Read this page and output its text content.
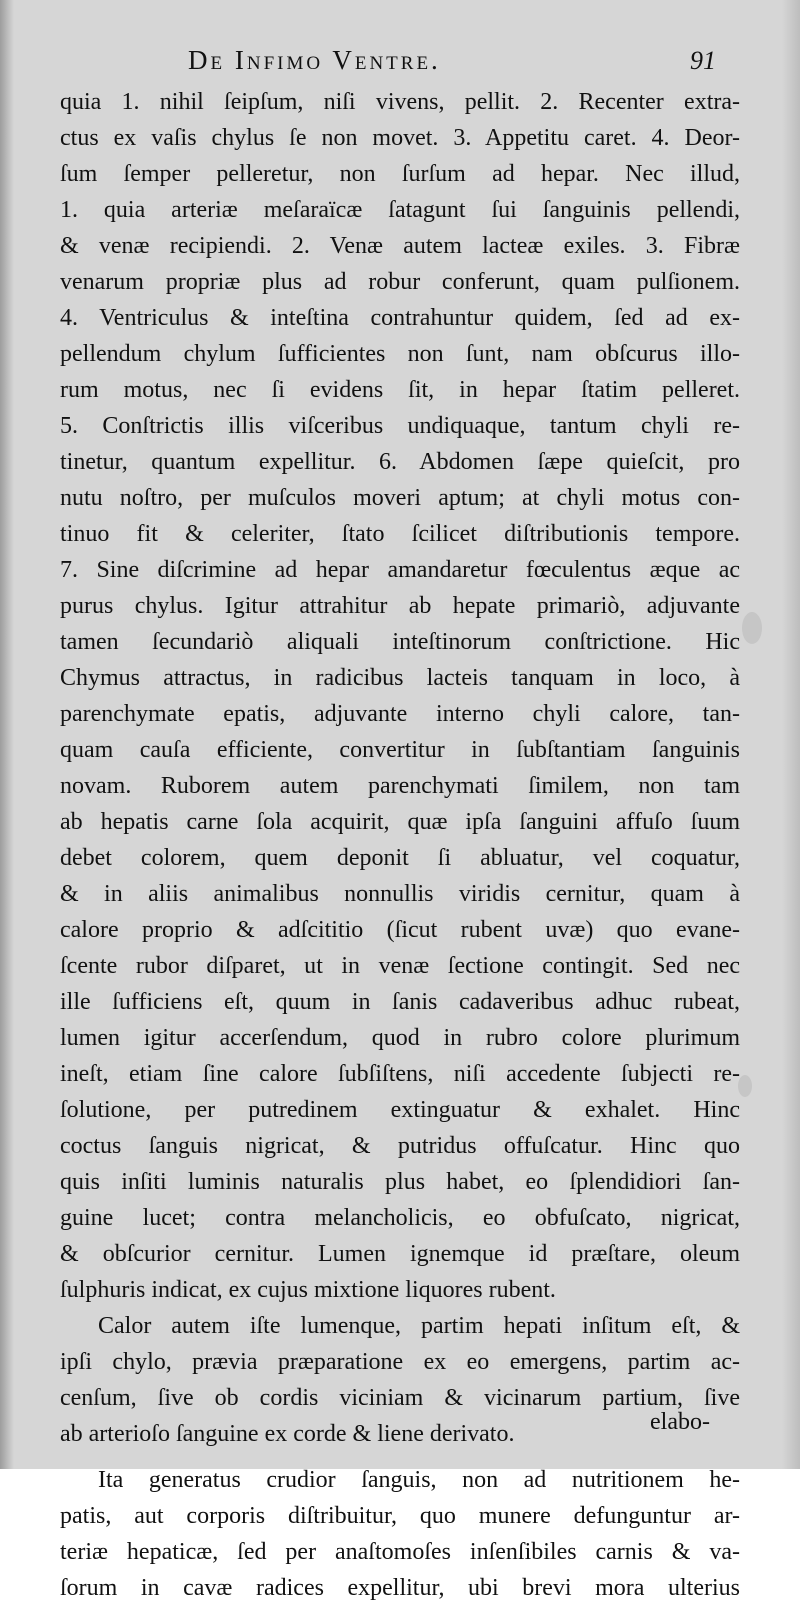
De Infimo Ventre.	91
quia 1. nihil ſeipſum, niſi vivens, pellit. 2. Recenter extra-
ctus ex vaſis chylus ſe non movet. 3. Appetitu caret. 4. Deor-
ſum ſemper pelleretur, non ſurſum ad hepar. Nec illud,
1. quia arteriæ meſaraïcæ ſatagunt ſui ſanguinis pellendi,
& venæ recipiendi. 2. Venæ autem lacteæ exiles. 3. Fibræ
venarum propriæ plus ad robur conferunt, quam pulſionem.
4. Ventriculus & inteſtina contrahuntur quidem, ſed ad ex-
pellendum chylum ſufficientes non ſunt, nam obſcurus illo-
rum motus, nec ſi evidens ſit, in hepar ſtatim pelleret.
5. Conſtrictis illis viſceribus undiquaque, tantum chyli re-
tinetur, quantum expellitur. 6. Abdomen ſæpe quieſcit, pro
nutu noſtro, per muſculos moveri aptum; at chyli motus con-
tinuo fit & celeriter, ſtato ſcilicet diſtributionis tempore.
7. Sine diſcrimine ad hepar amandaretur fœculentus æque ac
purus chylus. Igitur attrahitur ab hepate primariò, adjuvante
tamen ſecundariò aliquali inteſtinorum conſtrictione. Hic
Chymus attractus, in radicibus lacteis tanquam in loco, à
parenchymate epatis, adjuvante interno chyli calore, tan-
quam cauſa efficiente, convertitur in ſubſtantiam ſanguinis
novam. Ruborem autem parenchymati ſimilem, non tam
ab hepatis carne ſola acquirit, quæ ipſa ſanguini affuſo ſuum
debet colorem, quem deponit ſi abluatur, vel coquatur,
& in aliis animalibus nonnullis viridis cernitur, quam à
calore proprio & adſcititio (ſicut rubent uvæ) quo evane-
ſcente rubor diſparet, ut in venæ ſectione contingit. Sed nec
ille ſufficiens eſt, quum in ſanis cadaveribus adhuc rubeat,
lumen igitur accerſendum, quod in rubro colore plurimum
ineſt, etiam ſine calore ſubſiſtens, niſi accedente ſubjecti re-
ſolutione, per putredinem extinguatur & exhalet. Hinc
coctus ſanguis nigricat, & putridus offuſcatur. Hinc quo
quis inſiti luminis naturalis plus habet, eo ſplendidiori ſan-
guine lucet; contra melancholicis, eo obfuſcato, nigricat,
& obſcurior cernitur. Lumen ignemque id præſtare, oleum
ſulphuris indicat, ex cujus mixtione liquores rubent.
Calor autem iſte lumenque, partim hepati inſitum eſt, &
ipſi chylo, prævia præparatione ex eo emergens, partim ac-
cenſum, ſive ob cordis viciniam & vicinarum partium, ſive
ab arterioſo ſanguine ex corde & liene derivato.
Ita generatus crudior ſanguis, non ad nutritionem he-
patis, aut corporis diſtribuitur, quo munere defunguntur ar-
teriæ hepaticæ, ſed per anaſtomoſes inſenſibiles carnis & va-
ſorum in cavæ radices expellitur, ubi brevi mora ulterius
elabo-
